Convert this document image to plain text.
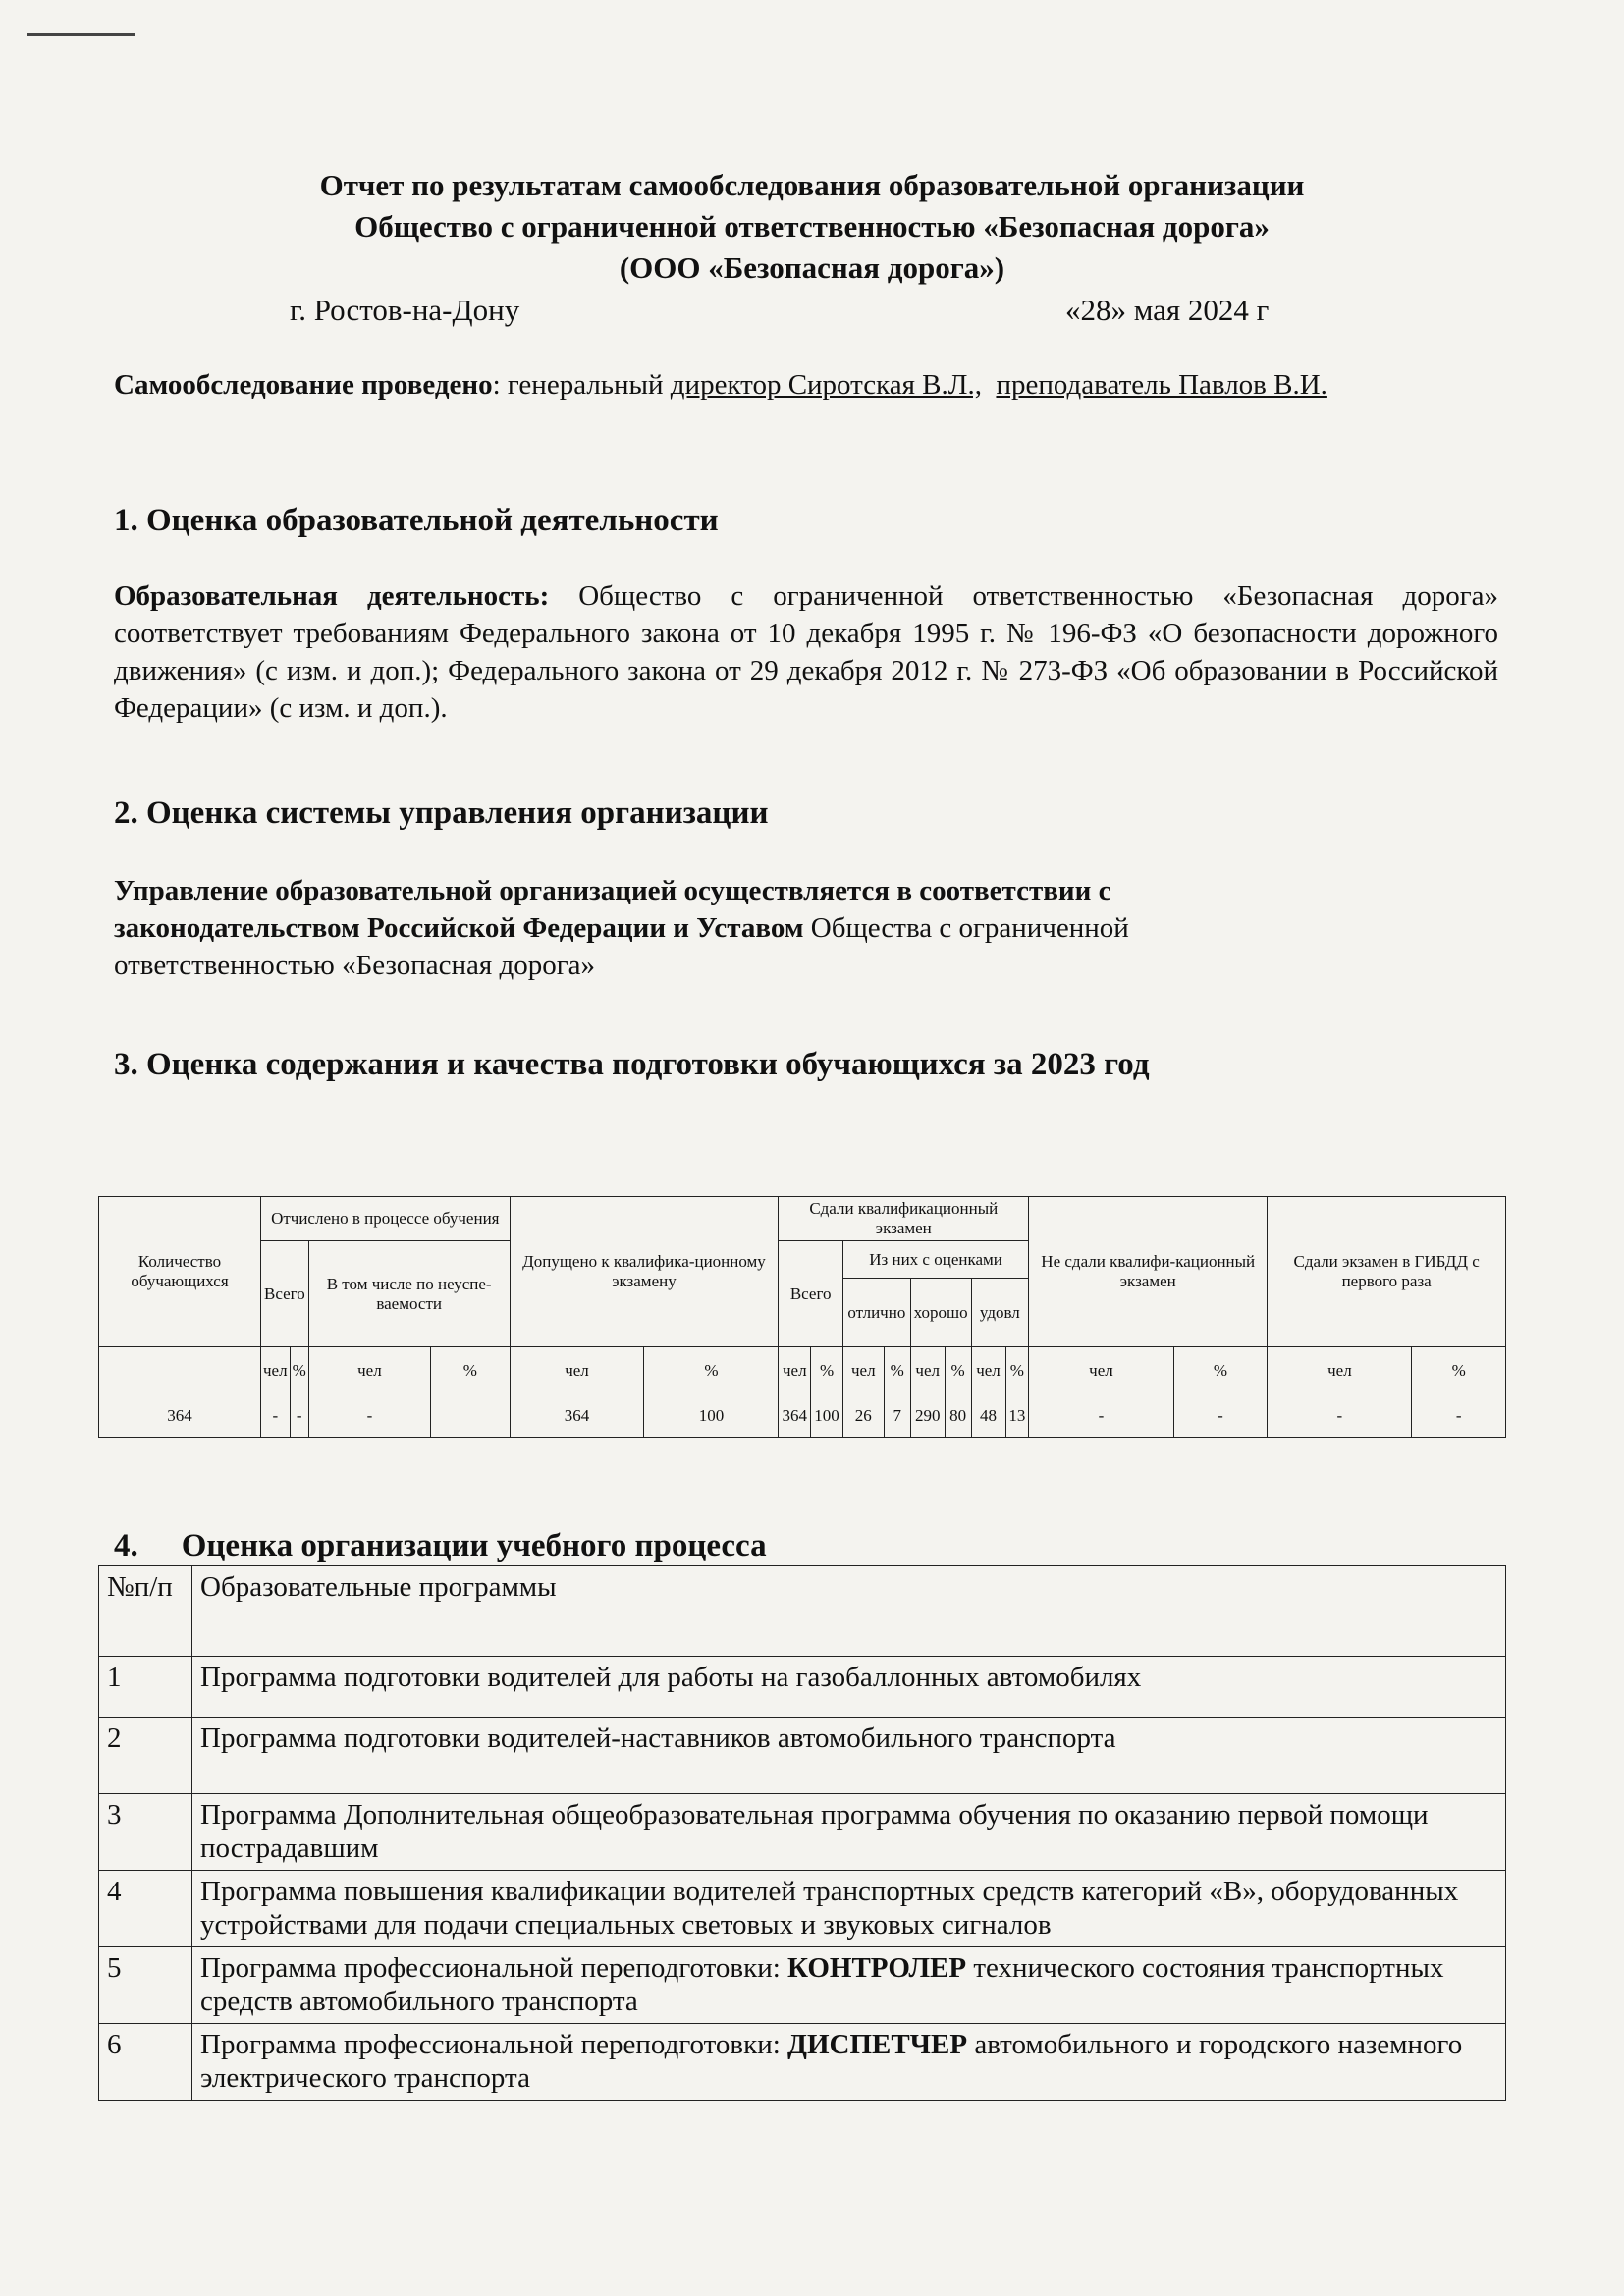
Отчет по результатам самообследования образовательной организации
Общество с ограниченной ответственностью «Безопасная дорога»
(ООО «Безопасная дорога»)
г. Ростов-на-Дону	«28» мая 2024 г
Самообследование проведено: генеральный директор Сиротская В.Л., преподаватель Павлов В.И.
1. Оценка образовательной деятельности
Образовательная деятельность: Общество с ограниченной ответственностью «Безопасная дорога» соответствует требованиям Федерального закона от 10 декабря 1995 г. № 196-ФЗ «О безопасности дорожного движения» (с изм. и доп.); Федерального закона от 29 декабря 2012 г. № 273-ФЗ «Об образовании в Российской Федерации» (с изм. и доп.).
2. Оценка системы управления организации
Управление образовательной организацией осуществляется в соответствии с законодательством Российской Федерации и Уставом Общества с ограниченной ответственностью «Безопасная дорога»
3. Оценка содержания и качества подготовки обучающихся за 2023 год
Количество обучающихся	Отчислено в процессе обучения				Допущено к квалифика-ционному экзамену		Сдали квалификационный экзамен								Не сдали квалифи-кационный экзамен		Сдали экзамен в ГИБДД с первого раза	
	Всего		В том числе по неуспе-ваемости				Всего		Из них с оценками									
									отлично		хорошо		удовл					
	чел	%	чел	%	чел	%	чел	%	чел	%	чел	%	чел	%	чел	%	чел	%
364	-	-	-		364	100	364	100	26	7	290	80	48	13	-	-	-	-
4. Оценка организации учебного процесса
№п/п	Образовательные программы
1	Программа подготовки водителей для работы на газобаллонных автомобилях
2	Программа подготовки водителей-наставников автомобильного транспорта
3	Программа Дополнительная общеобразовательная программа обучения по оказанию первой помощи пострадавшим
4	Программа повышения квалификации водителей транспортных средств категорий «В», оборудованных устройствами для подачи специальных световых и звуковых сигналов
5	Программа профессиональной переподготовки: КОНТРОЛЕР технического состояния транспортных средств автомобильного транспорта
6	Программа профессиональной переподготовки: ДИСПЕТЧЕР автомобильного и городского наземного электрического транспорта
